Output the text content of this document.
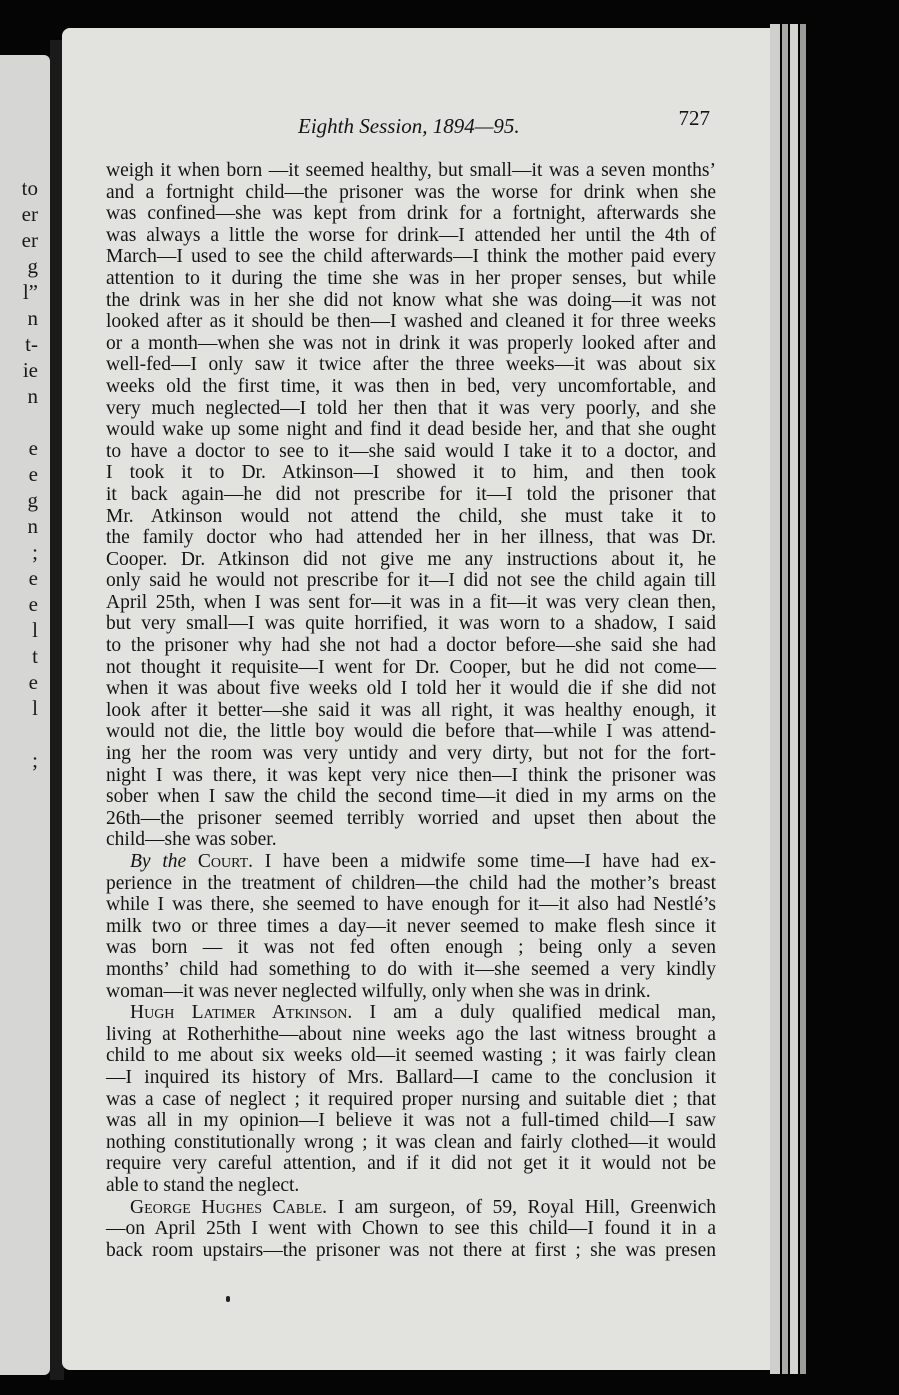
to
er
er
g
l”
n
t-
ie
n
e
e
g
n
;
e
e
l
t
e
l
;
Eighth Session, 1894—95.	727
weigh it when born —it seemed healthy, but small—it was a seven months’
and a fortnight child—the prisoner was the worse for drink when she
was confined—she was kept from drink for a fortnight, afterwards she
was always a little the worse for drink—I attended her until the 4th of
March—I used to see the child afterwards—I think the mother paid every
attention to it during the time she was in her proper senses, but while
the drink was in her she did not know what she was doing—it was not
looked after as it should be then—I washed and cleaned it for three weeks
or a month—when she was not in drink it was properly looked after and
well-fed—I only saw it twice after the three weeks—it was about six
weeks old the first time, it was then in bed, very uncomfortable, and
very much neglected—I told her then that it was very poorly, and she
would wake up some night and find it dead beside her, and that she ought
to have a doctor to see to it—she said would I take it to a doctor, and
I took it to Dr. Atkinson—I showed it to him, and then took
it back again—he did not prescribe for it—I told the prisoner that
Mr. Atkinson would not attend the child, she must take it to
the family doctor who had attended her in her illness, that was Dr.
Cooper. Dr. Atkinson did not give me any instructions about it, he
only said he would not prescribe for it—I did not see the child again till
April 25th, when I was sent for—it was in a fit—it was very clean then,
but very small—I was quite horrified, it was worn to a shadow, I said
to the prisoner why had she not had a doctor before—she said she had
not thought it requisite—I went for Dr. Cooper, but he did not come—
when it was about five weeks old I told her it would die if she did not
look after it better—she said it was all right, it was healthy enough, it
would not die, the little boy would die before that—while I was attend-
ing her the room was very untidy and very dirty, but not for the fort-
night I was there, it was kept very nice then—I think the prisoner was
sober when I saw the child the second time—it died in my arms on the
26th—the prisoner seemed terribly worried and upset then about the
child—she was sober.
By the Court. I have been a midwife some time—I have had ex-
perience in the treatment of children—the child had the mother’s breast
while I was there, she seemed to have enough for it—it also had Nestlé’s
milk two or three times a day—it never seemed to make flesh since it
was born — it was not fed often enough ; being only a seven
months’ child had something to do with it—she seemed a very kindly
woman—it was never neglected wilfully, only when she was in drink.
Hugh Latimer Atkinson. I am a duly qualified medical man,
living at Rotherhithe—about nine weeks ago the last witness brought a
child to me about six weeks old—it seemed wasting ; it was fairly clean
—I inquired its history of Mrs. Ballard—I came to the conclusion it
was a case of neglect ; it required proper nursing and suitable diet ; that
was all in my opinion—I believe it was not a full-timed child—I saw
nothing constitutionally wrong ; it was clean and fairly clothed—it would
require very careful attention, and if it did not get it it would not be
able to stand the neglect.
George Hughes Cable. I am surgeon, of 59, Royal Hill, Greenwich
—on April 25th I went with Chown to see this child—I found it in a
back room upstairs—the prisoner was not there at first ; she was presen
